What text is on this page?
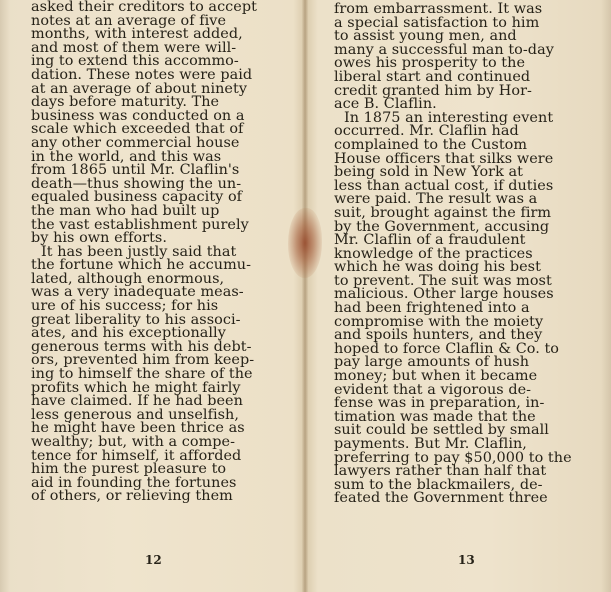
asked their creditors to accept
notes at an average of five
months, with interest added,
and most of them were will-
ing to extend this accommo-
dation. These notes were paid
at an average of about ninety
days before maturity. The
business was conducted on a
scale which exceeded that of
any other commercial house
in the world, and this was
from 1865 until Mr. Claflin's
death—thus showing the un-
equaled business capacity of
the man who had built up
the vast establishment purely
by his own efforts.
It has been justly said that
the fortune which he accumu-
lated, although enormous,
was a very inadequate meas-
ure of his success; for his
great liberality to his associ-
ates, and his exceptionally
generous terms with his debt-
ors, prevented him from keep-
ing to himself the share of the
profits which he might fairly
have claimed. If he had been
less generous and unselfish,
he might have been thrice as
wealthy; but, with a compe-
tence for himself, it afforded
him the purest pleasure to
aid in founding the fortunes
of others, or relieving them
from embarrassment. It was
a special satisfaction to him
to assist young men, and
many a successful man to-day
owes his prosperity to the
liberal start and continued
credit granted him by Hor-
ace B. Claflin.
In 1875 an interesting event
occurred. Mr. Claflin had
complained to the Custom
House officers that silks were
being sold in New York at
less than actual cost, if duties
were paid. The result was a
suit, brought against the firm
by the Government, accusing
Mr. Claflin of a fraudulent
knowledge of the practices
which he was doing his best
to prevent. The suit was most
malicious. Other large houses
had been frightened into a
compromise with the moiety
and spoils hunters, and they
hoped to force Claflin & Co. to
pay large amounts of hush
money; but when it became
evident that a vigorous de-
fense was in preparation, in-
timation was made that the
suit could be settled by small
payments. But Mr. Claflin,
preferring to pay $50,000 to the
lawyers rather than half that
sum to the blackmailers, de-
feated the Government three
12	13
